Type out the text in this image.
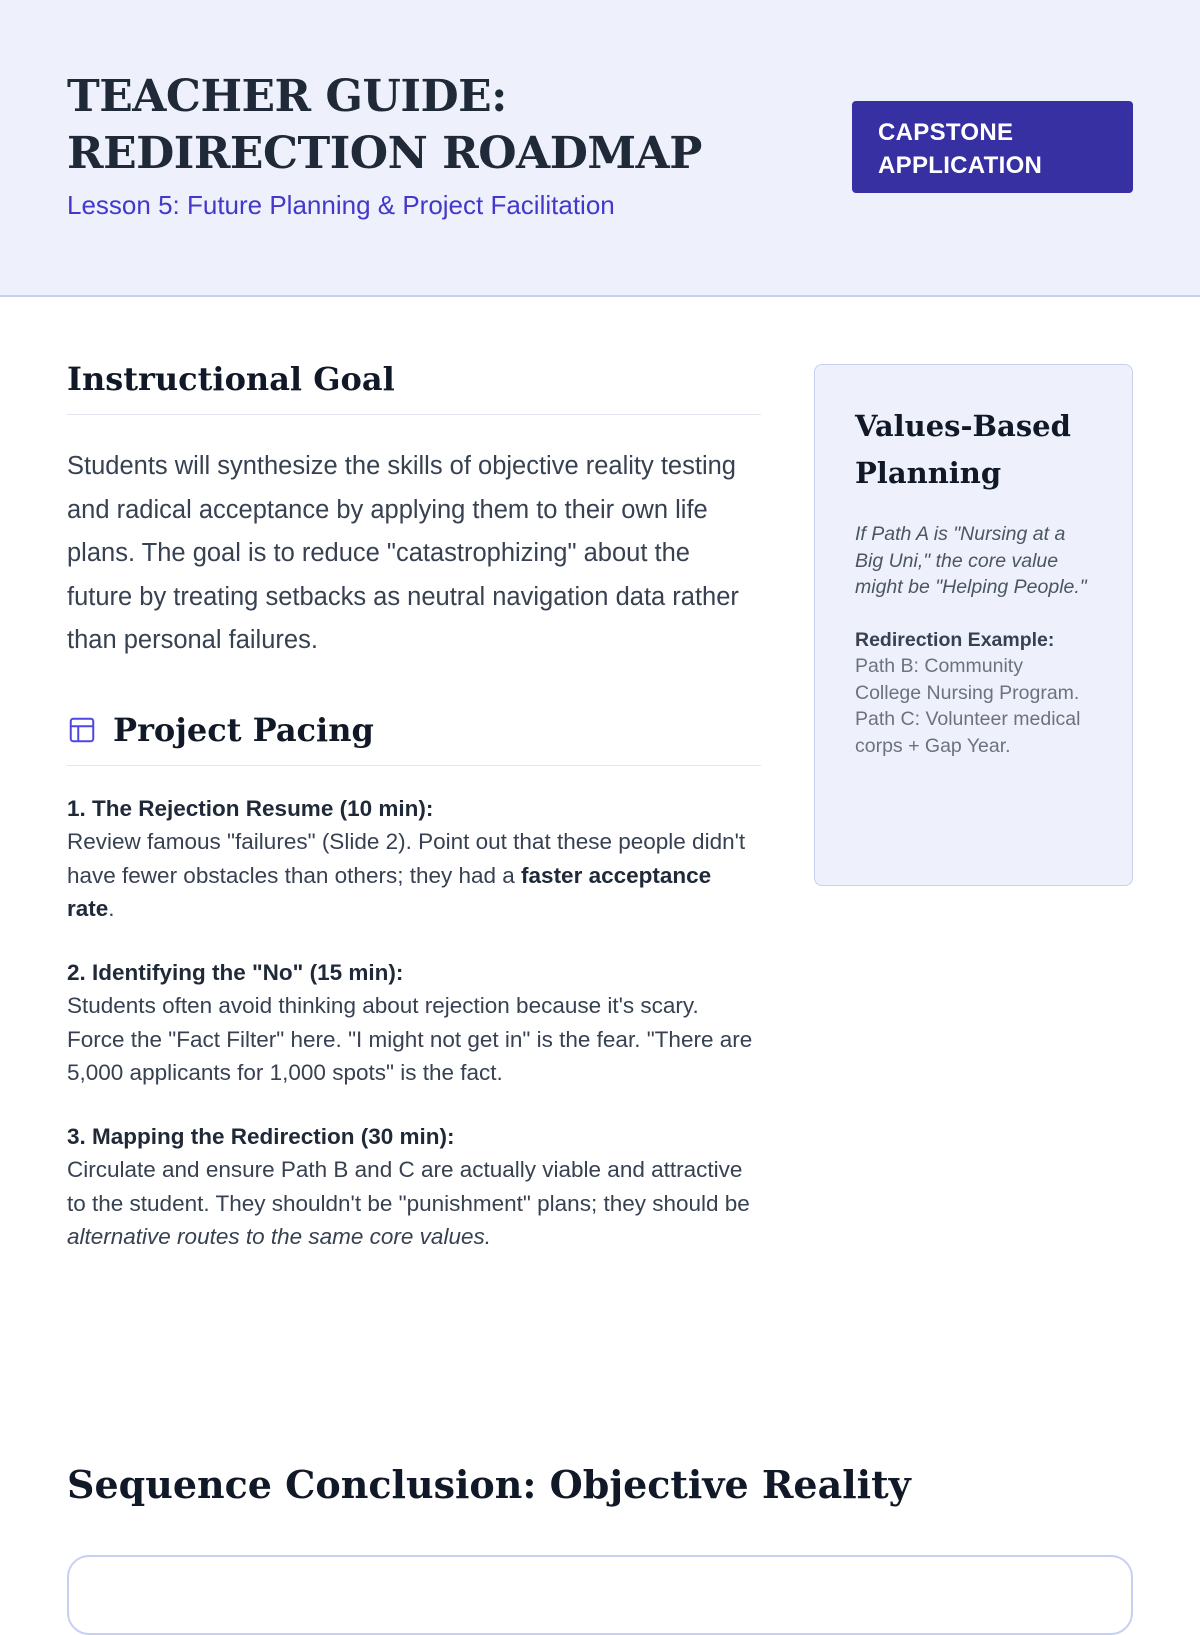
TEACHER GUIDE: REDIRECTION ROADMAP
Lesson 5: Future Planning & Project Facilitation
CAPSTONE APPLICATION
Instructional Goal

Students will synthesize the skills of objective reality testing and radical acceptance by applying them to their own life plans. The goal is to reduce "catastrophizing" about the future by treating setbacks as neutral navigation data rather than personal failures.

Project Pacing
1. The Rejection Resume (10 min):
Review famous "failures" (Slide 2). Point out that these people didn't have fewer obstacles than others; they had a faster acceptance rate.
2. Identifying the "No" (15 min):
Students often avoid thinking about rejection because it's scary. Force the "Fact Filter" here. "I might not get in" is the fear. "There are 5,000 applicants for 1,000 spots" is the fact.
3. Mapping the Redirection (30 min):
Circulate and ensure Path B and C are actually viable and attractive to the student. They shouldn't be "punishment" plans; they should be alternative routes to the same core values.
Values-Based Planning

If Path A is "Nursing at a Big Uni," the core value might be "Helping People."

Redirection Example:
Path B: Community College Nursing Program.
Path C: Volunteer medical corps + Gap Year.
Sequence Conclusion: Objective Reality
